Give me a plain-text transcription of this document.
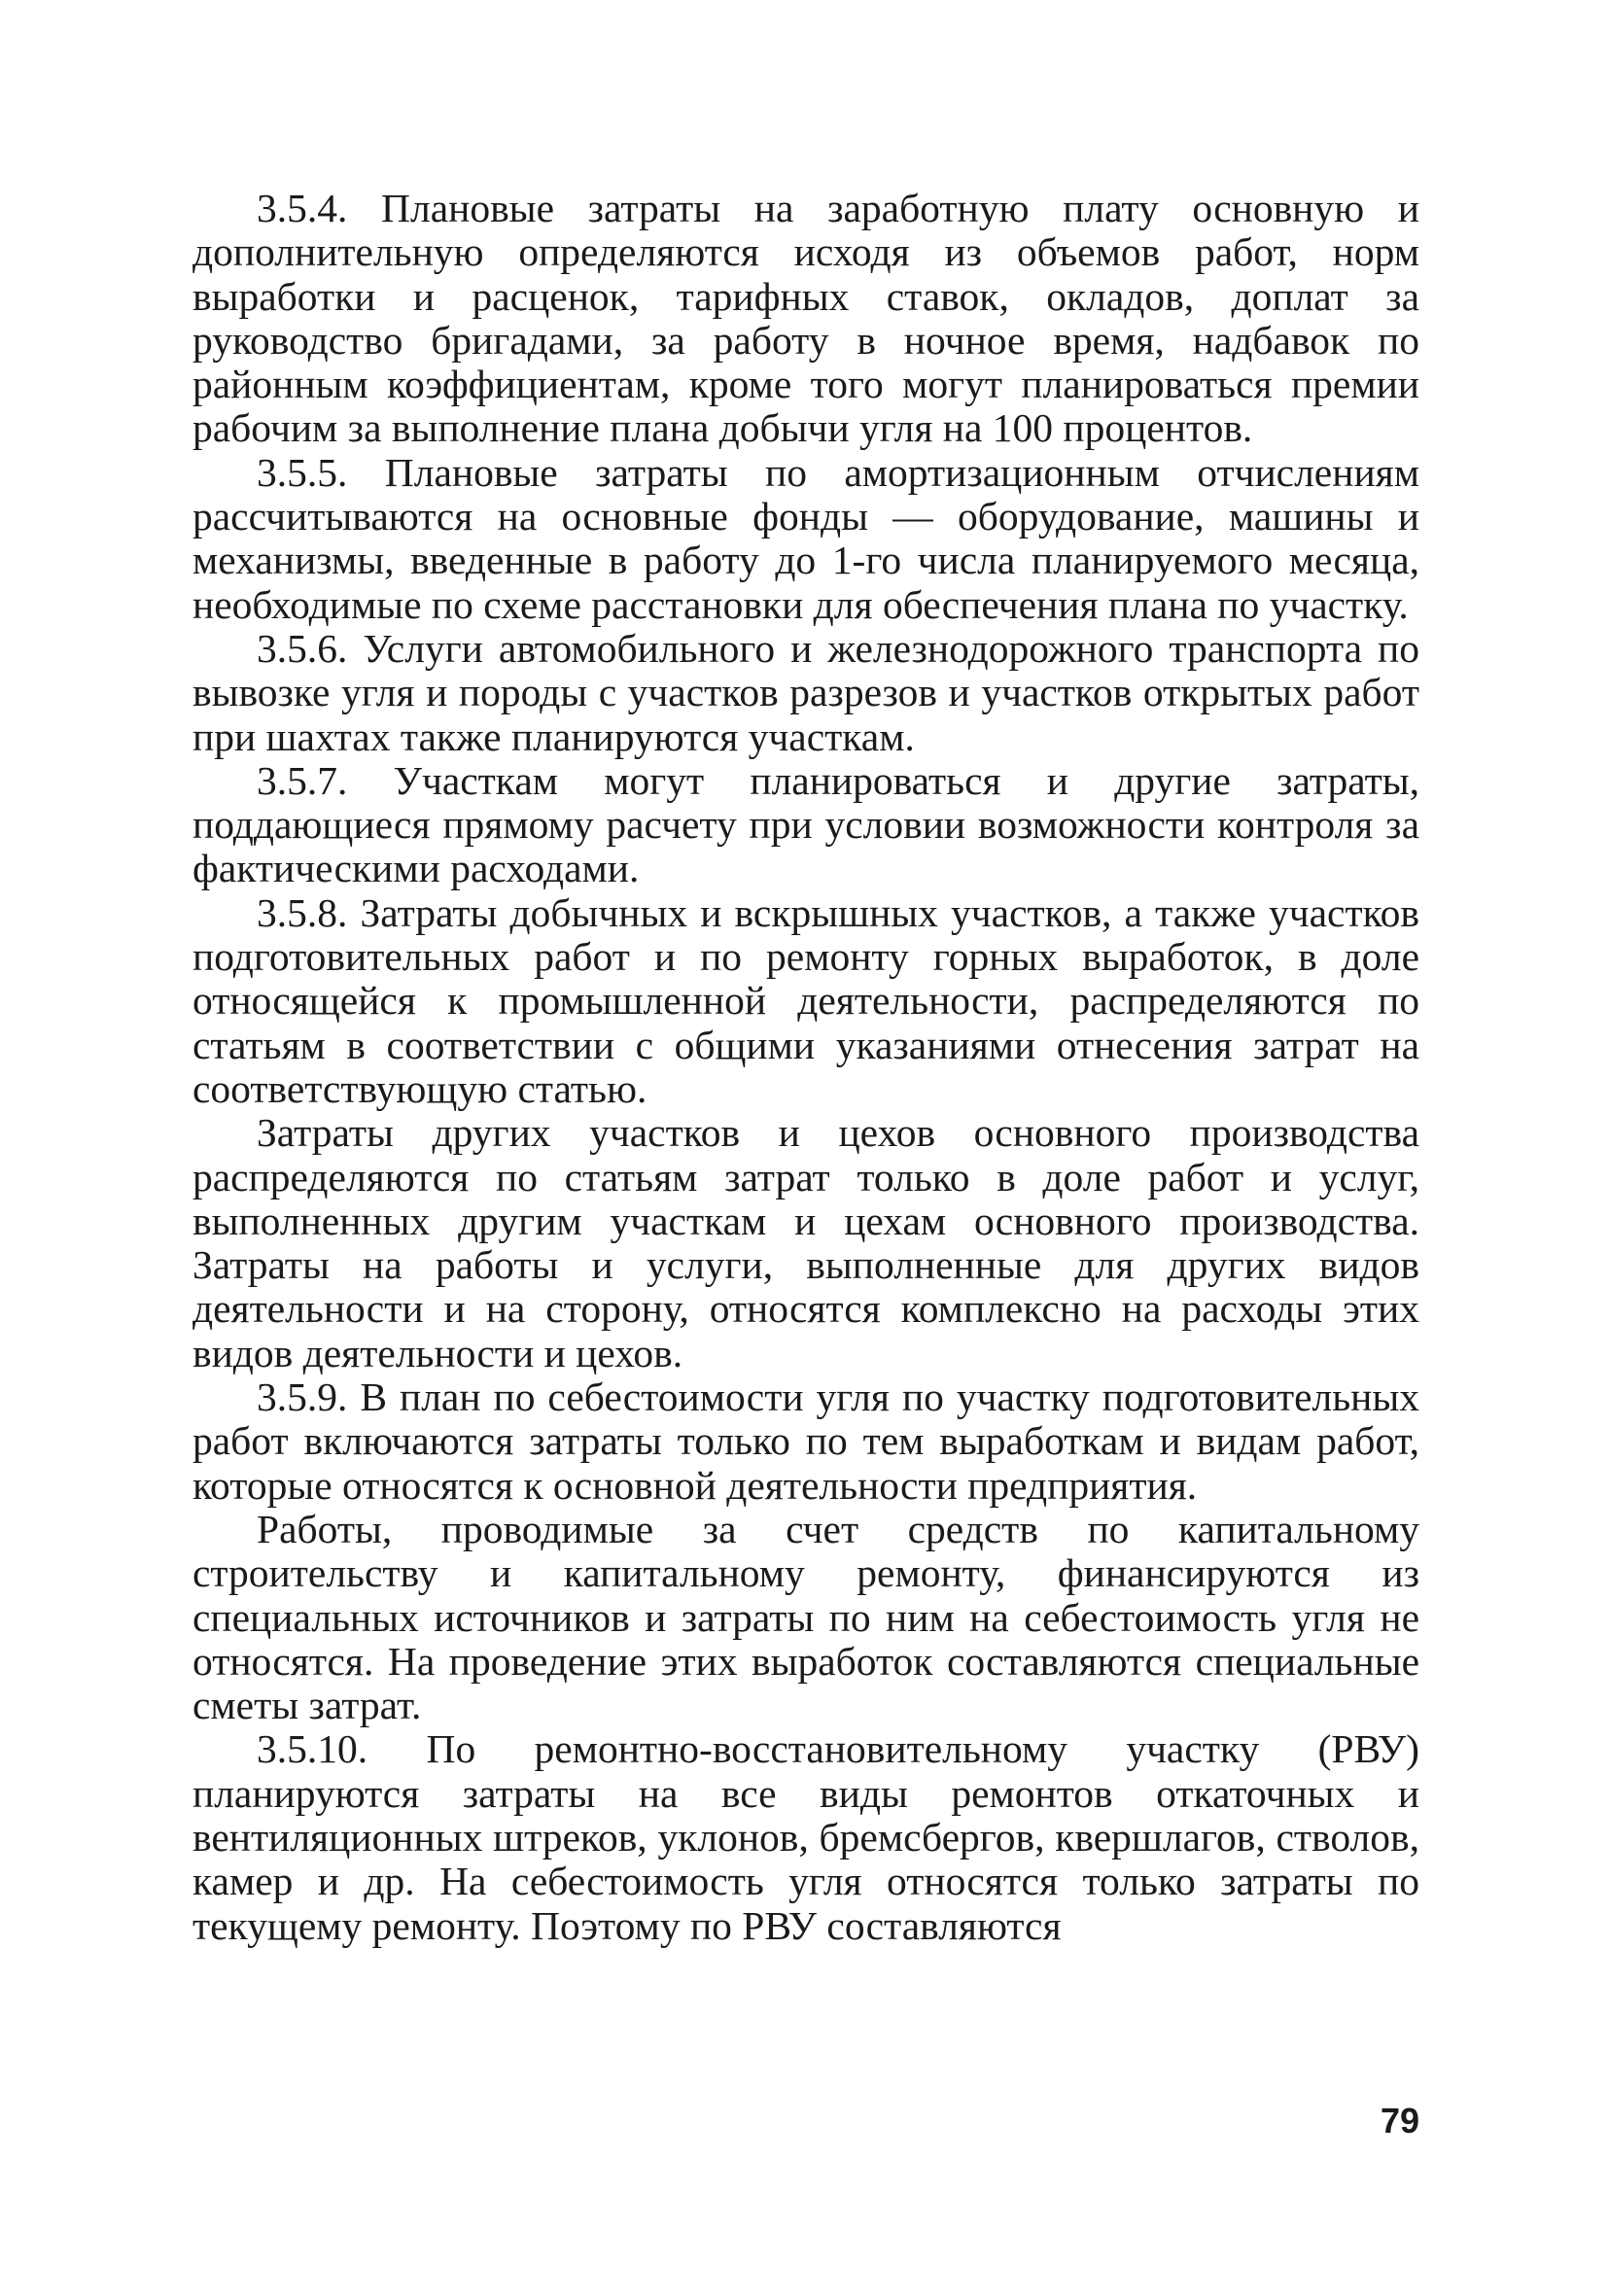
3.5.4. Плановые затраты на заработную плату основную и дополнительную определяются исходя из объемов работ, норм выработки и расценок, тарифных ставок, окладов, доплат за руководство бригадами, за работу в ночное время, надбавок по районным коэффициентам, кроме того могут планироваться премии рабочим за выполнение плана добычи угля на 100 процентов.

3.5.5. Плановые затраты по амортизационным отчислениям рассчитываются на основные фонды — оборудование, машины и механизмы, введенные в работу до 1-го числа планируемого месяца, необходимые по схеме расстановки для обеспечения плана по участку.

3.5.6. Услуги автомобильного и железнодорожного транспорта по вывозке угля и породы с участков разрезов и участков открытых работ при шахтах также планируются участкам.

3.5.7. Участкам могут планироваться и другие затраты, поддающиеся прямому расчету при условии возможности контроля за фактическими расходами.

3.5.8. Затраты добычных и вскрышных участков, а также участков подготовительных работ и по ремонту горных выработок, в доле относящейся к промышленной деятельности, распределяются по статьям в соответствии с общими указаниями отнесения затрат на соответствующую статью.

Затраты других участков и цехов основного производства распределяются по статьям затрат только в доле работ и услуг, выполненных другим участкам и цехам основного производства. Затраты на работы и услуги, выполненные для других видов деятельности и на сторону, относятся комплексно на расходы этих видов деятельности и цехов.

3.5.9. В план по себестоимости угля по участку подготовительных работ включаются затраты только по тем выработкам и видам работ, которые относятся к основной деятельности предприятия.

Работы, проводимые за счет средств по капитальному строительству и капитальному ремонту, финансируются из специальных источников и затраты по ним на себестоимость угля не относятся. На проведение этих выработок составляются специальные сметы затрат.

3.5.10. По ремонтно-восстановительному участку (РВУ) планируются затраты на все виды ремонтов откаточных и вентиляционных штреков, уклонов, бремсбергов, квершлагов, стволов, камер и др. На себестоимость угля относятся только затраты по текущему ремонту. Поэтому по РВУ составляются

79
